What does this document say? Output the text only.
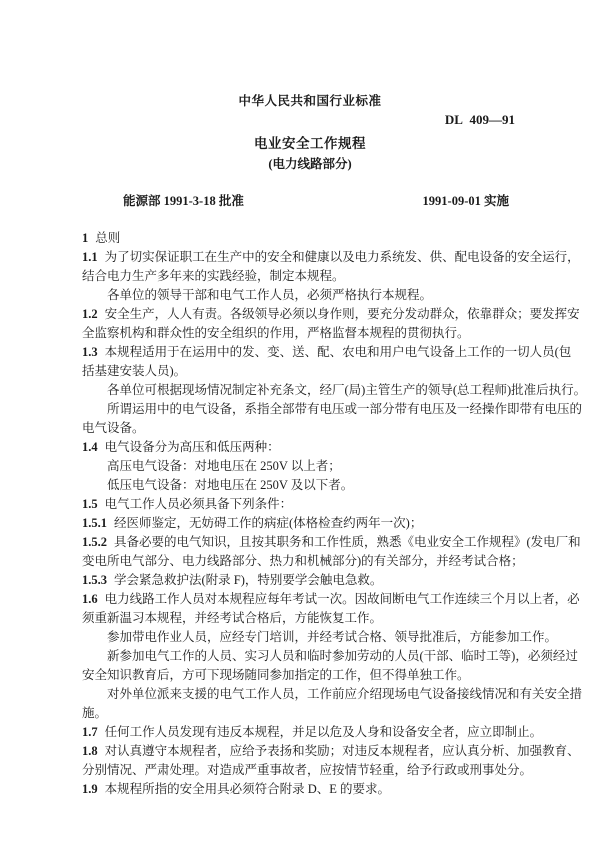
中华人民共和国行业标准
DL 409—91
电业安全工作规程
(电力线路部分)
能源部 1991-3-18 批准	1991-09-01 实施
1 总则
1.1 为了切实保证职工在生产中的安全和健康以及电力系统发、供、配电设备的安全运行，
结合电力生产多年来的实践经验，制定本规程。
各单位的领导干部和电气工作人员，必须严格执行本规程。
1.2 安全生产，人人有责。各级领导必须以身作则，要充分发动群众，依靠群众；要发挥安
全监察机构和群众性的安全组织的作用，严格监督本规程的贯彻执行。
1.3 本规程适用于在运用中的发、变、送、配、农电和用户电气设备上工作的一切人员(包
括基建安装人员)。
各单位可根据现场情况制定补充条文，经厂(局)主管生产的领导(总工程师)批准后执行。
所谓运用中的电气设备，系指全部带有电压或一部分带有电压及一经操作即带有电压的
电气设备。
1.4 电气设备分为高压和低压两种：
高压电气设备：对地电压在 250V 以上者；
低压电气设备：对地电压在 250V 及以下者。
1.5 电气工作人员必须具备下列条件：
1.5.1 经医师鉴定，无妨碍工作的病症(体格检查约两年一次)；
1.5.2 具备必要的电气知识，且按其职务和工作性质，熟悉《电业安全工作规程》(发电厂和
变电所电气部分、电力线路部分、热力和机械部分)的有关部分，并经考试合格；
1.5.3 学会紧急救护法(附录 F)，特别要学会触电急救。
1.6 电力线路工作人员对本规程应每年考试一次。因故间断电气工作连续三个月以上者，必
须重新温习本规程，并经考试合格后，方能恢复工作。
参加带电作业人员，应经专门培训，并经考试合格、领导批准后，方能参加工作。
新参加电气工作的人员、实习人员和临时参加劳动的人员(干部、临时工等)，必须经过
安全知识教育后，方可下现场随同参加指定的工作，但不得单独工作。
对外单位派来支援的电气工作人员，工作前应介绍现场电气设备接线情况和有关安全措
施。
1.7 任何工作人员发现有违反本规程，并足以危及人身和设备安全者，应立即制止。
1.8 对认真遵守本规程者，应给予表扬和奖励；对违反本规程者，应认真分析、加强教育、
分别情况、严肃处理。对造成严重事故者，应按情节轻重，给予行政或刑事处分。
1.9 本规程所指的安全用具必须符合附录 D、E 的要求。
